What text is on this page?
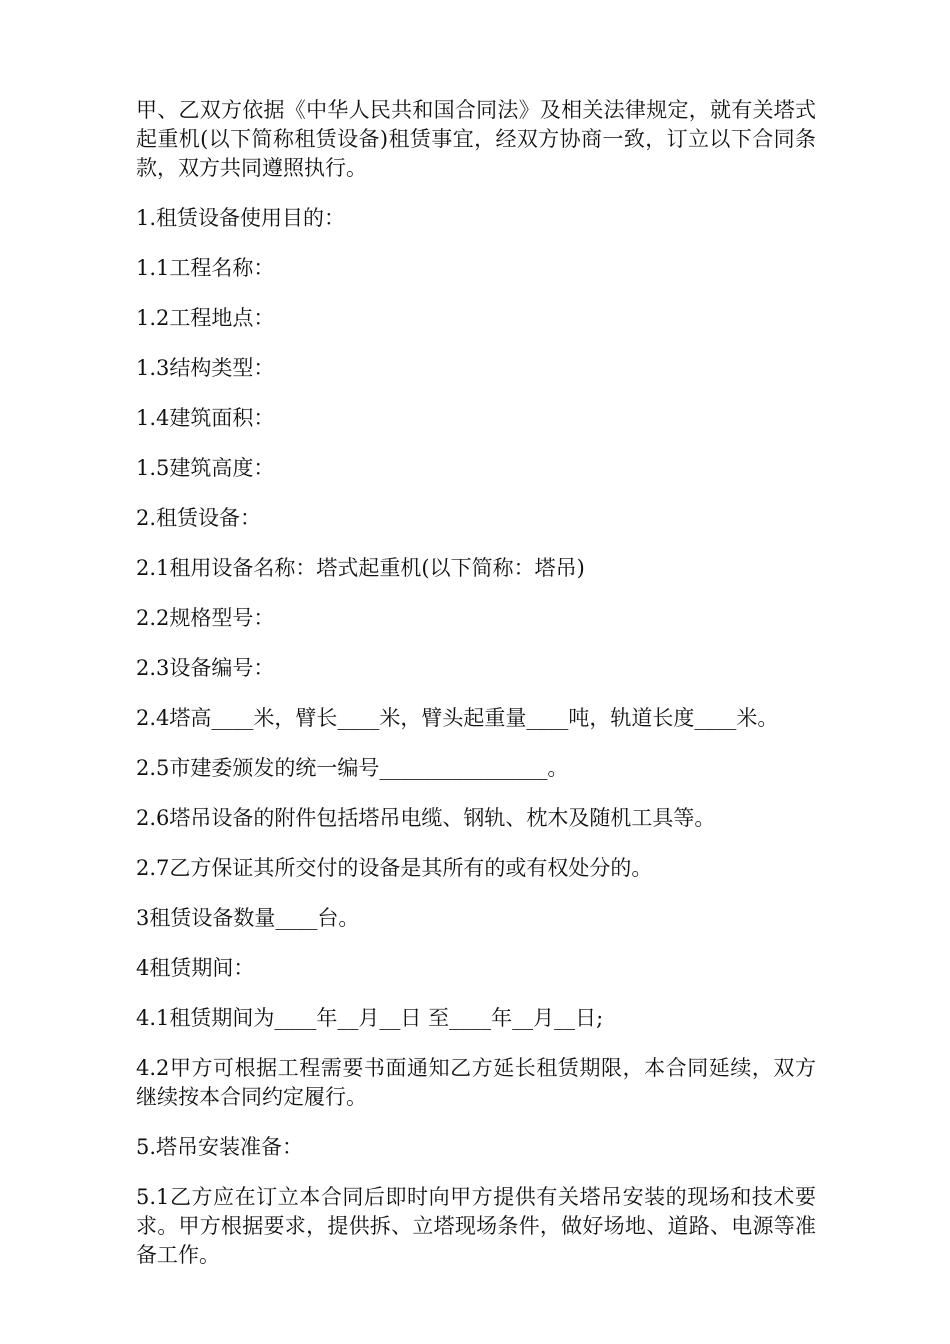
甲、乙双方依据《中华人民共和国合同法》及相关法律规定，就有关塔式起重机(以下简称租赁设备)租赁事宜，经双方协商一致，订立以下合同条款，双方共同遵照执行。

1.租赁设备使用目的：

1.1工程名称：

1.2工程地点：

1.3结构类型：

1.4建筑面积：

1.5建筑高度：

2.租赁设备：

2.1租用设备名称：塔式起重机(以下简称：塔吊)

2.2规格型号：

2.3设备编号：

2.4塔高____米，臂长____米，臂头起重量____吨，轨道长度____米。

2.5市建委颁发的统一编号________________。

2.6塔吊设备的附件包括塔吊电缆、钢轨、枕木及随机工具等。

2.7乙方保证其所交付的设备是其所有的或有权处分的。

3租赁设备数量____台。

4租赁期间：

4.1租赁期间为____年__月__日 至____年__月__日;

4.2甲方可根据工程需要书面通知乙方延长租赁期限，本合同延续，双方继续按本合同约定履行。

5.塔吊安装准备：

5.1乙方应在订立本合同后即时向甲方提供有关塔吊安装的现场和技术要求。甲方根据要求，提供拆、立塔现场条件，做好场地、道路、电源等准备工作。
